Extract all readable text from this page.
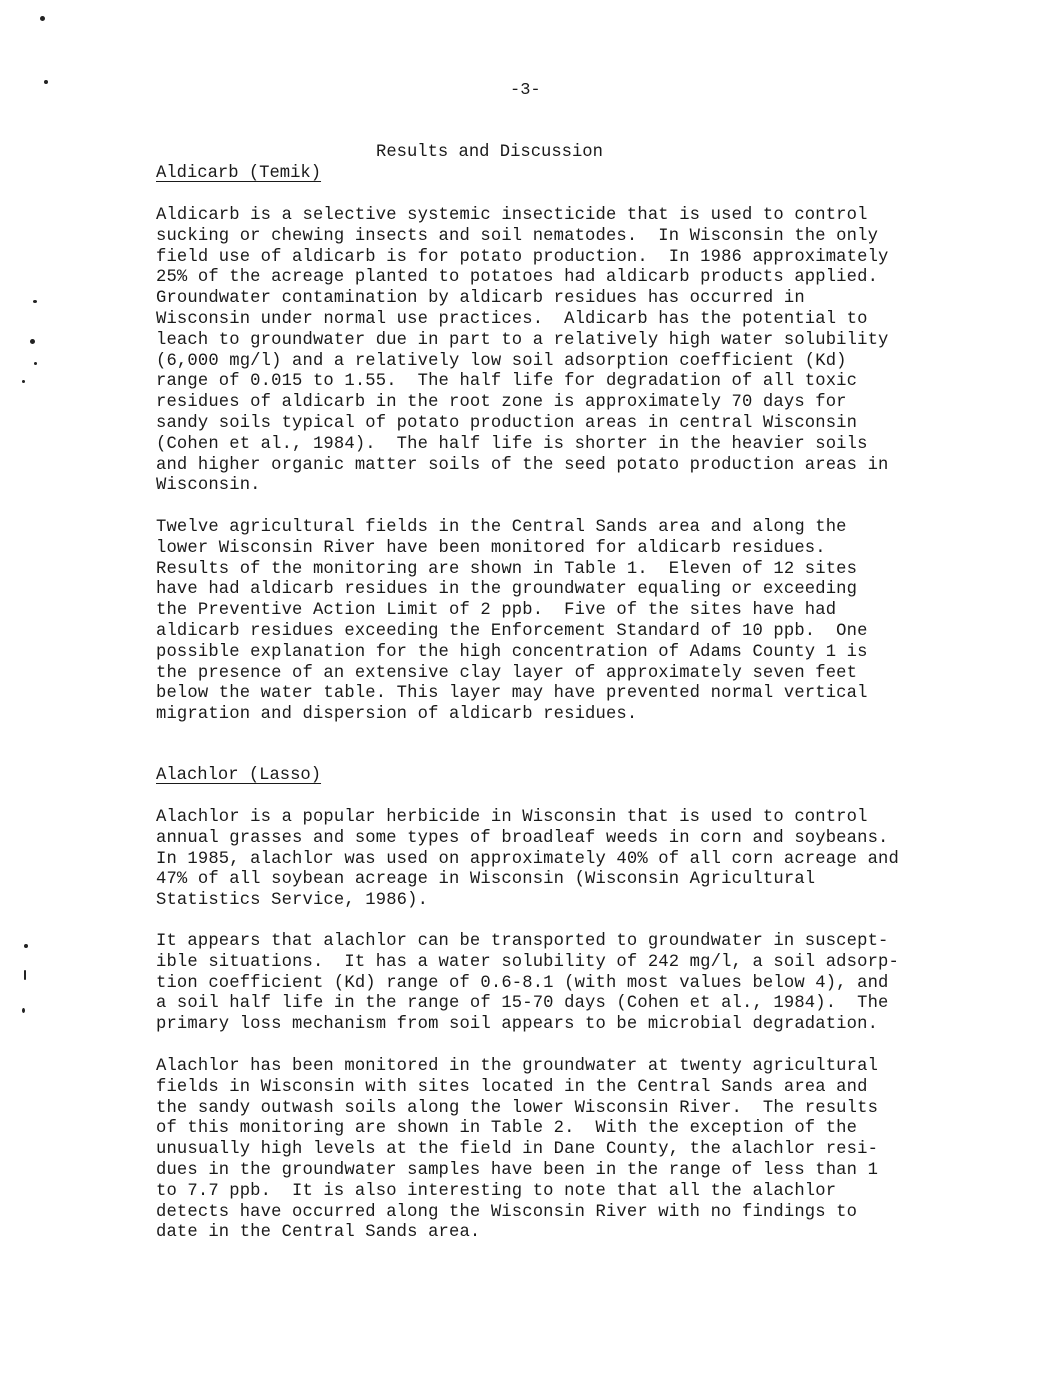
-3-
Results and Discussion
Aldicarb (Temik)
Aldicarb is a selective systemic insecticide that is used to control
sucking or chewing insects and soil nematodes.  In Wisconsin the only
field use of aldicarb is for potato production.  In 1986 approximately
25% of the acreage planted to potatoes had aldicarb products applied.
Groundwater contamination by aldicarb residues has occurred in
Wisconsin under normal use practices.  Aldicarb has the potential to
leach to groundwater due in part to a relatively high water solubility
(6,000 mg/l) and a relatively low soil adsorption coefficient (Kd)
range of 0.015 to 1.55.  The half life for degradation of all toxic
residues of aldicarb in the root zone is approximately 70 days for
sandy soils typical of potato production areas in central Wisconsin
(Cohen et al., 1984).  The half life is shorter in the heavier soils
and higher organic matter soils of the seed potato production areas in
Wisconsin.
Twelve agricultural fields in the Central Sands area and along the
lower Wisconsin River have been monitored for aldicarb residues.
Results of the monitoring are shown in Table 1.  Eleven of 12 sites
have had aldicarb residues in the groundwater equaling or exceeding
the Preventive Action Limit of 2 ppb.  Five of the sites have had
aldicarb residues exceeding the Enforcement Standard of 10 ppb.  One
possible explanation for the high concentration of Adams County 1 is
the presence of an extensive clay layer of approximately seven feet
below the water table. This layer may have prevented normal vertical
migration and dispersion of aldicarb residues.
Alachlor (Lasso)
Alachlor is a popular herbicide in Wisconsin that is used to control
annual grasses and some types of broadleaf weeds in corn and soybeans.
In 1985, alachlor was used on approximately 40% of all corn acreage and
47% of all soybean acreage in Wisconsin (Wisconsin Agricultural
Statistics Service, 1986).
It appears that alachlor can be transported to groundwater in suscept-
ible situations.  It has a water solubility of 242 mg/l, a soil adsorp-
tion coefficient (Kd) range of 0.6-8.1 (with most values below 4), and
a soil half life in the range of 15-70 days (Cohen et al., 1984).  The
primary loss mechanism from soil appears to be microbial degradation.
Alachlor has been monitored in the groundwater at twenty agricultural
fields in Wisconsin with sites located in the Central Sands area and
the sandy outwash soils along the lower Wisconsin River.  The results
of this monitoring are shown in Table 2.  With the exception of the
unusually high levels at the field in Dane County, the alachlor resi-
dues in the groundwater samples have been in the range of less than 1
to 7.7 ppb.  It is also interesting to note that all the alachlor
detects have occurred along the Wisconsin River with no findings to
date in the Central Sands area.
